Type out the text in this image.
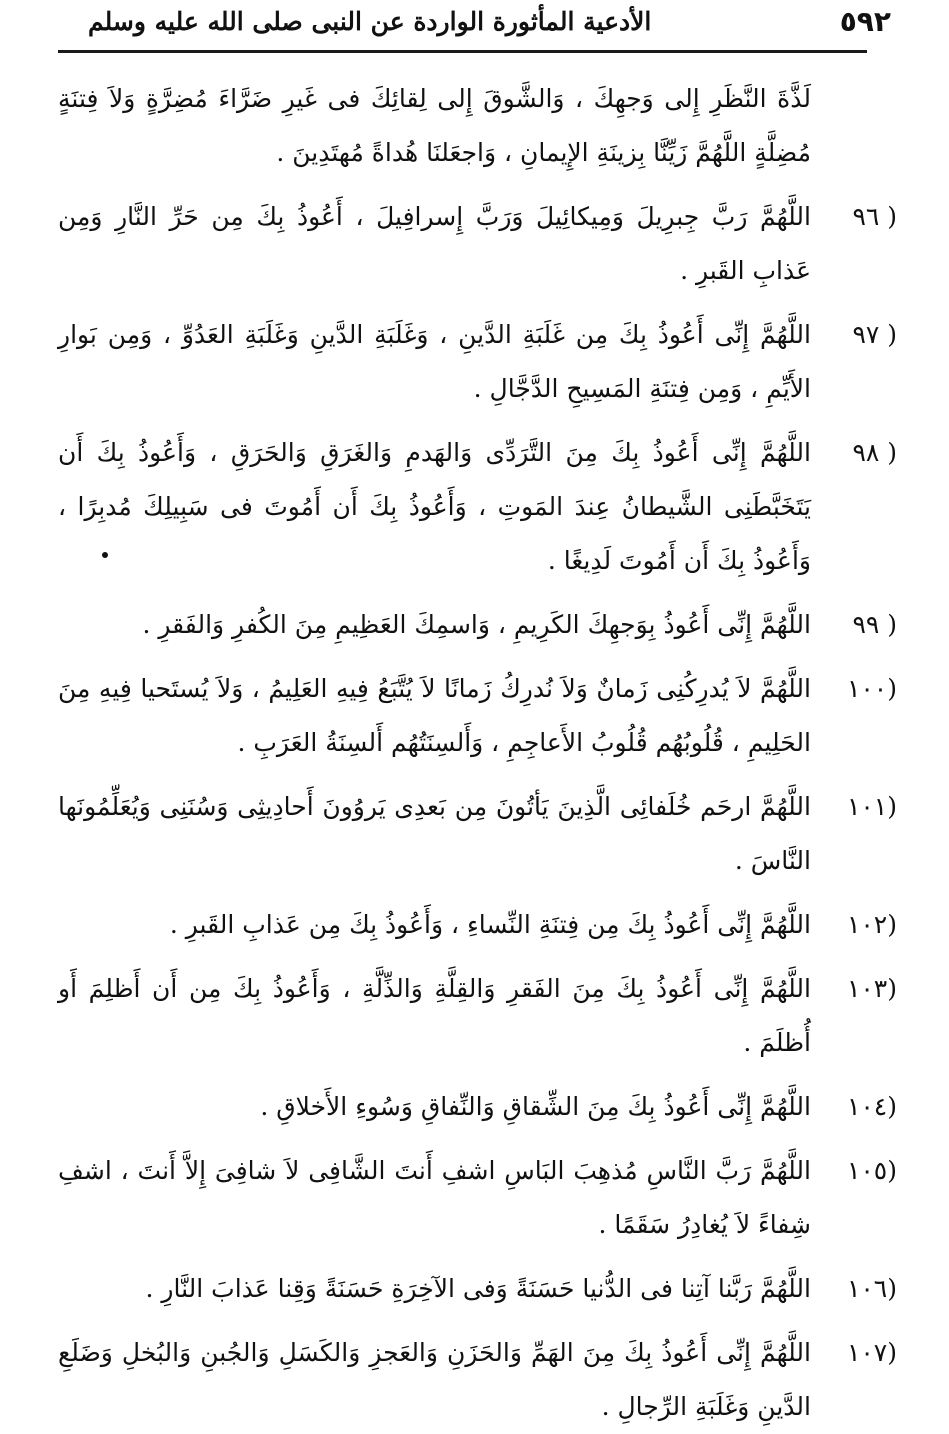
٥٩٢
الأدعية المأثورة الواردة عن النبى صلى الله عليه وسلم
لَذَّةَ النَّظَرِ إِلى وَجهِكَ ، وَالشَّوقَ إِلى لِقائِكَ فى غَيرِ ضَرَّاءَ مُضِرَّةٍ وَلاَ فِتنَةٍ مُضِلَّةٍ اللَّهُمَّ زَيِّنَّا بِزينَةِ الإِيمانِ ، وَاجعَلنَا هُداةً مُهتَدِينَ .
( ٩٦
اللَّهُمَّ رَبَّ جِبرِيلَ وَمِيكائِيلَ وَرَبَّ إِسرافِيلَ ، أَعُوذُ بِكَ مِن حَرِّ النَّارِ وَمِن عَذابِ القَبرِ .
( ٩٧
اللَّهُمَّ إِنِّى أَعُوذُ بِكَ مِن غَلَبَةِ الدَّينِ ، وَغَلَبَةِ الدَّينِ وَغَلَبَةِ العَدُوِّ ، وَمِن بَوارِ الأَيِّمِ ، وَمِن فِتنَةِ المَسِيحِ الدَّجَّالِ .
( ٩٨
اللَّهُمَّ إِنِّى أَعُوذُ بِكَ مِنَ التَّرَدِّى وَالهَدمِ وَالغَرَقِ وَالحَرَقِ ، وَأَعُوذُ بِكَ أَن يَتَخَبَّطَنِى الشَّيطانُ عِندَ المَوتِ ، وَأَعُوذُ بِكَ أَن أَمُوتَ فى سَبِيلِكَ مُدبِرًا ، وَأَعُوذُ بِكَ أَن أَمُوتَ لَدِيغًا .
( ٩٩
اللَّهُمَّ إِنِّى أَعُوذُ بِوَجهِكَ الكَرِيمِ ، وَاسمِكَ العَظِيمِ مِنَ الكُفرِ وَالفَقرِ .
(١٠٠
اللَّهُمَّ لاَ يُدرِكُنِى زَمانٌ وَلاَ نُدرِكُ زَمانًا لاَ يُتَّبَعُ فِيهِ العَلِيمُ ، وَلاَ يُستَحيا فِيهِ مِنَ الحَلِيمِ ، قُلُوبُهُم قُلُوبُ الأَعاجِمِ ، وَأَلسِنَتُهُم أَلسِنَةُ العَرَبِ .
(١٠١
اللَّهُمَّ ارحَم خُلَفائِى الَّذِينَ يَأتُونَ مِن بَعدِى يَروُونَ أَحادِيثِى وَسُنَنِى وَيُعَلِّمُونَها النَّاسَ .
(١٠٢
اللَّهُمَّ إِنِّى أَعُوذُ بِكَ مِن فِتنَةِ النِّساءِ ، وَأَعُوذُ بِكَ مِن عَذابِ القَبرِ .
(١٠٣
اللَّهُمَّ إِنِّى أَعُوذُ بِكَ مِنَ الفَقرِ وَالقِلَّةِ وَالذِّلَّةِ ، وَأَعُوذُ بِكَ مِن أَن أَظلِمَ أَو أُظلَمَ .
(١٠٤
اللَّهُمَّ إِنِّى أَعُوذُ بِكَ مِنَ الشِّقاقِ وَالنِّفاقِ وَسُوءِ الأَخلاقِ .
(١٠٥
اللَّهُمَّ رَبَّ النَّاسِ مُذهِبَ البَاسِ اشفِ أَنتَ الشَّافِى لاَ شافِىَ إِلاَّ أَنتَ ، اشفِ شِفاءً لاَ يُغادِرُ سَقَمًا .
(١٠٦
اللَّهُمَّ رَبَّنا آتِنا فى الدُّنيا حَسَنَةً وَفى الآخِرَةِ حَسَنَةً وَقِنا عَذابَ النَّارِ .
(١٠٧
اللَّهُمَّ إِنِّى أَعُوذُ بِكَ مِنَ الهَمِّ وَالحَزَنِ وَالعَجزِ وَالكَسَلِ وَالجُبنِ وَالبُخلِ وَضَلَعِ الدَّينِ وَغَلَبَةِ الرِّجالِ .
